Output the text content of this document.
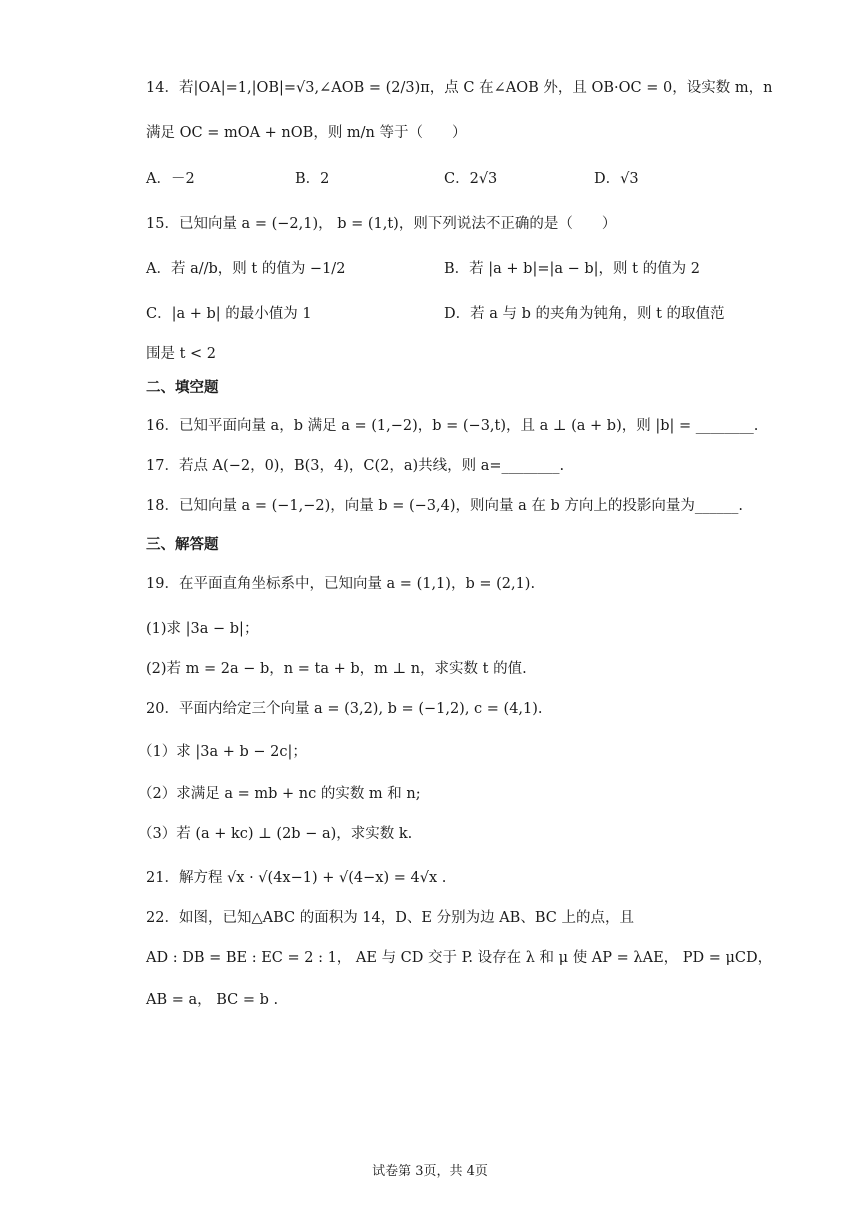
14．若|OA|=1,|OB|=√3,∠AOB = (2/3)π，点 C 在∠AOB 外，且 OB·OC = 0，设实数 m，n
满足 OC = mOA + nOB，则 m/n 等于（　　）
A．－2	B．2	C．2√3	D．√3
15．已知向量 a = (−2,1)， b = (1,t)，则下列说法不正确的是（　　）
A．若 a//b，则 t 的值为 −1/2	B．若 |a + b|=|a − b|，则 t 的值为 2
C．|a + b| 的最小值为 1	D．若 a 与 b 的夹角为钝角，则 t 的取值范
围是 t < 2
二、填空题
16．已知平面向量 a，b 满足 a = (1,−2)，b = (−3,t)，且 a ⊥ (a + b)，则 |b| = ________.
17．若点 A(−2，0)，B(3，4)，C(2，a)共线，则 a=________.
18．已知向量 a = (−1,−2)，向量 b = (−3,4)，则向量 a 在 b 方向上的投影向量为______.
三、解答题
19．在平面直角坐标系中，已知向量 a = (1,1)，b = (2,1).
(1)求 |3a − b|；
(2)若 m = 2a − b，n = ta + b，m ⊥ n，求实数 t 的值.
20．平面内给定三个向量 a = (3,2), b = (−1,2), c = (4,1).
（1）求 |3a + b − 2c|；
（2）求满足 a = mb + nc 的实数 m 和 n;
（3）若 (a + kc) ⊥ (2b − a)，求实数 k.
21．解方程 √x · √(4x−1) + √(4−x) = 4√x .
22．如图，已知△ABC 的面积为 14，D、E 分别为边 AB、BC 上的点，且
AD : DB = BE : EC = 2 : 1， AE 与 CD 交于 P. 设存在 λ 和 μ 使 AP = λAE， PD = μCD，
AB = a， BC = b .
试卷第 3页，共 4页
